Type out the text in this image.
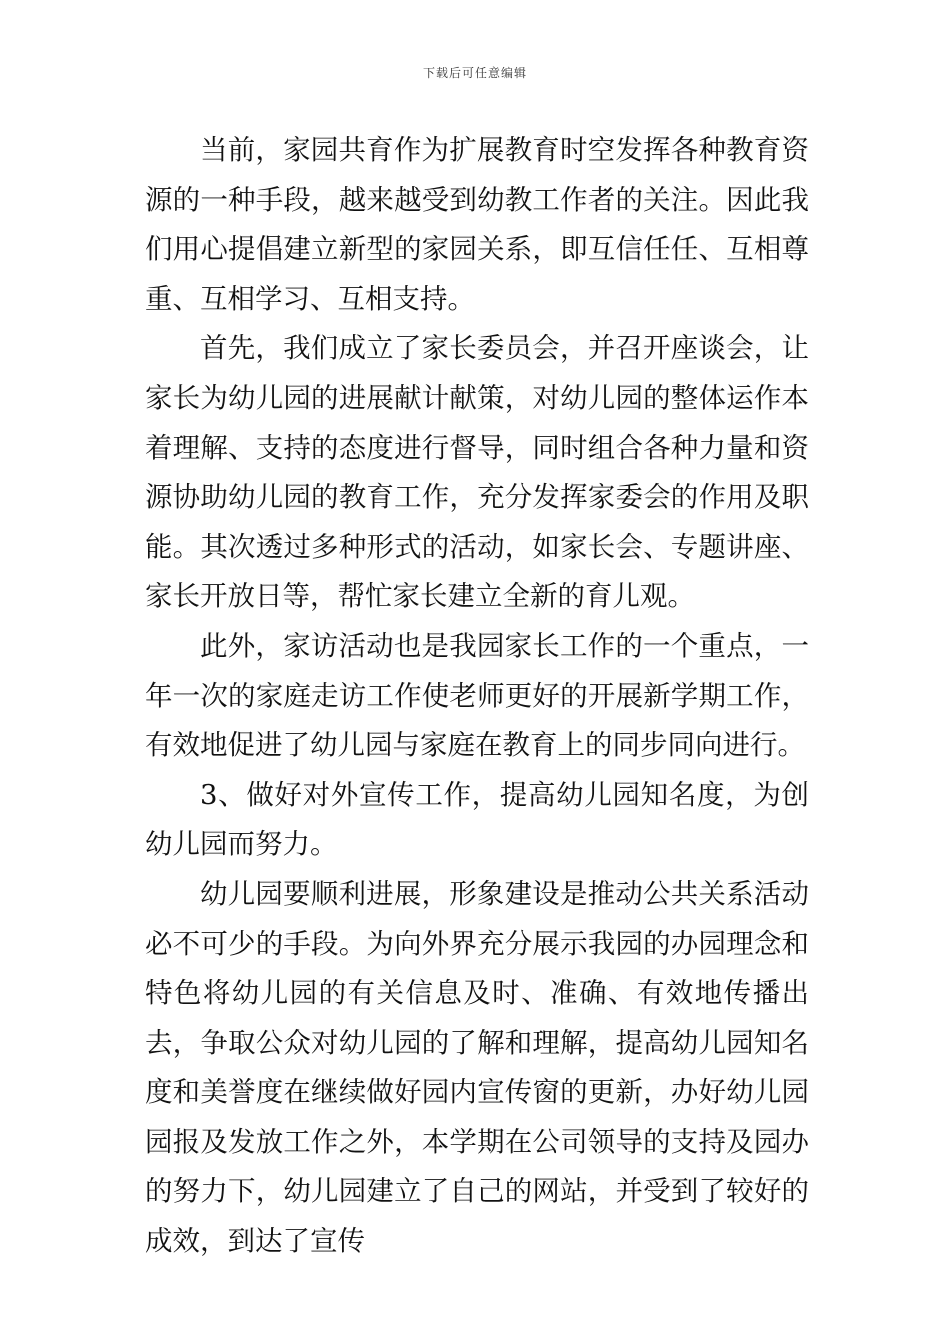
下载后可任意编辑

当前，家园共育作为扩展教育时空发挥各种教育资源的一种手段，越来越受到幼教工作者的关注。因此我们用心提倡建立新型的家园关系，即互信任任、互相尊重、互相学习、互相支持。

首先，我们成立了家长委员会，并召开座谈会，让家长为幼儿园的进展献计献策，对幼儿园的整体运作本着理解、支持的态度进行督导，同时组合各种力量和资源协助幼儿园的教育工作，充分发挥家委会的作用及职能。其次透过多种形式的活动，如家长会、专题讲座、家长开放日等，帮忙家长建立全新的育儿观。

此外，家访活动也是我园家长工作的一个重点，一年一次的家庭走访工作使老师更好的开展新学期工作，有效地促进了幼儿园与家庭在教育上的同步同向进行。

3、做好对外宣传工作，提高幼儿园知名度，为创幼儿园而努力。

幼儿园要顺利进展，形象建设是推动公共关系活动必不可少的手段。为向外界充分展示我园的办园理念和特色将幼儿园的有关信息及时、准确、有效地传播出去，争取公众对幼儿园的了解和理解，提高幼儿园知名度和美誉度在继续做好园内宣传窗的更新，办好幼儿园园报及发放工作之外，本学期在公司领导的支持及园办的努力下，幼儿园建立了自己的网站，并受到了较好的成效，到达了宣传
